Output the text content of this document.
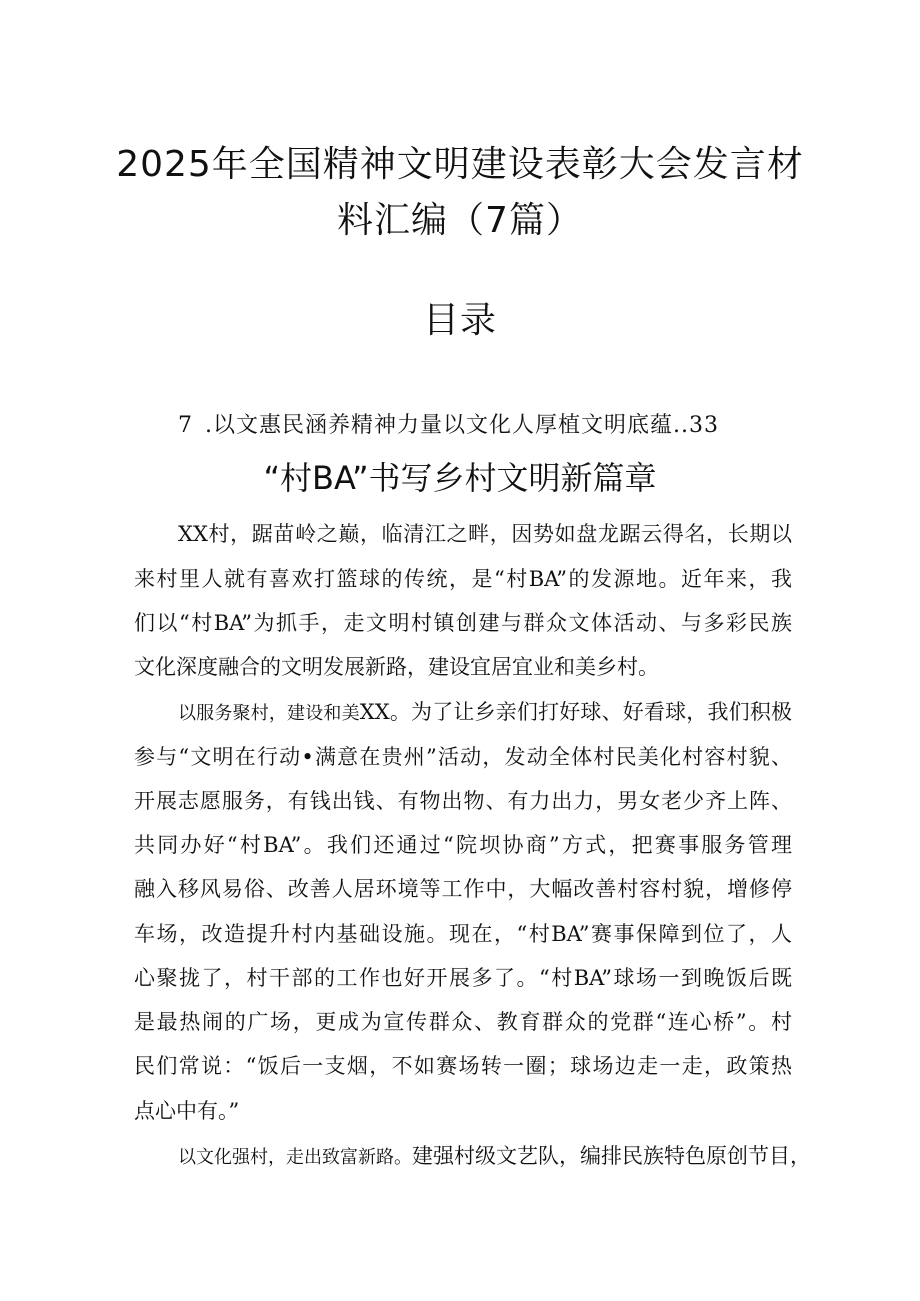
2025年全国精神文明建设表彰大会发言材
料汇编（7篇）
目录
7 .以文惠民涵养精神力量以文化人厚植文明底蕴..33
“村BA”书写乡村文明新篇章
XX村，踞苗岭之巅，临清江之畔，因势如盘龙踞云得名，长期以
来村里人就有喜欢打篮球的传统，是“村BA”的发源地。近年来，我
们以“村BA”为抓手，走文明村镇创建与群众文体活动、与多彩民族
文化深度融合的文明发展新路，建设宜居宜业和美乡村。
以服务聚村，建设和美XX。为了让乡亲们打好球、好看球，我们积极
参与“文明在行动•满意在贵州”活动，发动全体村民美化村容村貌、
开展志愿服务，有钱出钱、有物出物、有力出力，男女老少齐上阵、
共同办好“村BA”。我们还通过“院坝协商”方式，把赛事服务管理
融入移风易俗、改善人居环境等工作中，大幅改善村容村貌，增修停
车场，改造提升村内基础设施。现在，“村BA”赛事保障到位了，人
心聚拢了，村干部的工作也好开展多了。“村BA”球场一到晚饭后既
是最热闹的广场，更成为宣传群众、教育群众的党群“连心桥”。村
民们常说：“饭后一支烟，不如赛场转一圈；球场边走一走，政策热
点心中有。”
以文化强村，走出致富新路。建强村级文艺队，编排民族特色原创节目，
